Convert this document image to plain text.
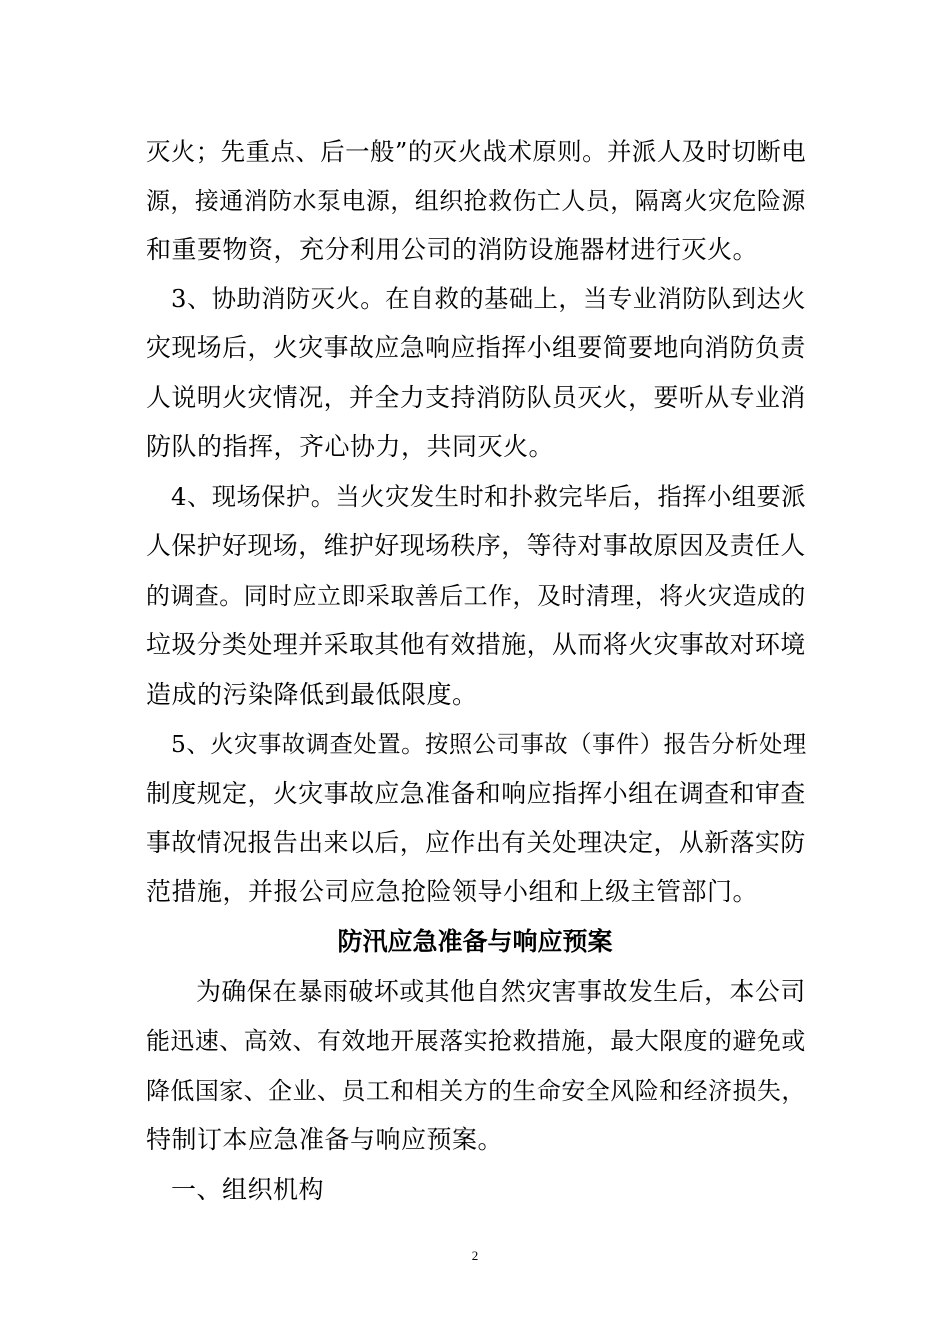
灭火；先重点、后一般”的灭火战术原则。并派人及时切断电
源，接通消防水泵电源，组织抢救伤亡人员，隔离火灾危险源
和重要物资，充分利用公司的消防设施器材进行灭火。
3、协助消防灭火。在自救的基础上，当专业消防队到达火
灾现场后，火灾事故应急响应指挥小组要简要地向消防负责
人说明火灾情况，并全力支持消防队员灭火，要听从专业消
防队的指挥，齐心协力，共同灭火。
4、现场保护。当火灾发生时和扑救完毕后，指挥小组要派
人保护好现场，维护好现场秩序，等待对事故原因及责任人
的调查。同时应立即采取善后工作，及时清理，将火灾造成的
垃圾分类处理并采取其他有效措施，从而将火灾事故对环境
造成的污染降低到最低限度。
5、火灾事故调查处置。按照公司事故（事件）报告分析处理
制度规定，火灾事故应急准备和响应指挥小组在调查和审查
事故情况报告出来以后，应作出有关处理决定，从新落实防
范措施，并报公司应急抢险领导小组和上级主管部门。
防汛应急准备与响应预案
为确保在暴雨破坏或其他自然灾害事故发生后，本公司
能迅速、高效、有效地开展落实抢救措施，最大限度的避免或
降低国家、企业、员工和相关方的生命安全风险和经济损失，
特制订本应急准备与响应预案。
一、组织机构
2
